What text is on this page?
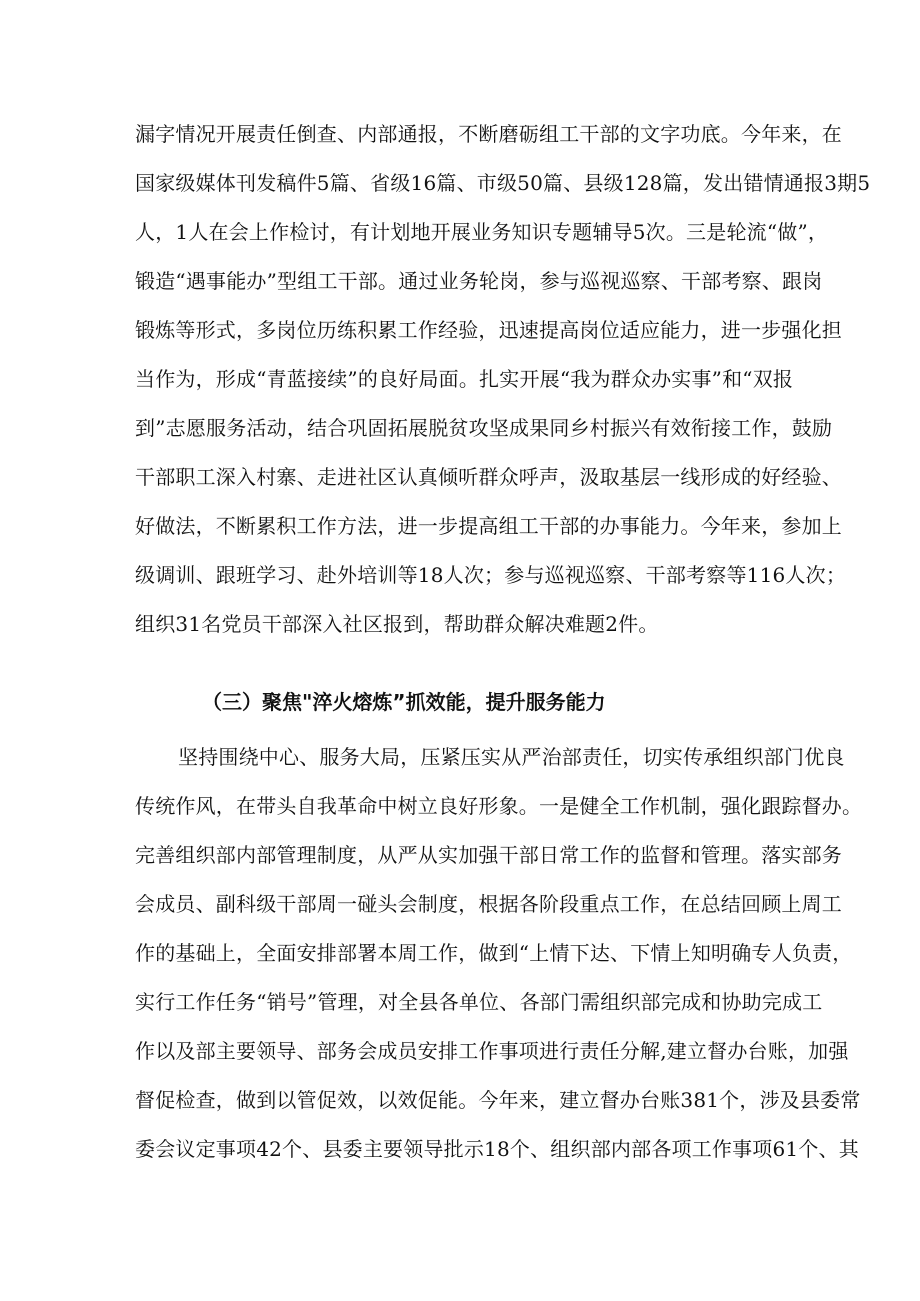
漏字情况开展责任倒查、内部通报，不断磨砺组工干部的文字功底。今年来，在
国家级媒体刊发稿件5篇、省级16篇、市级50篇、县级128篇，发出错情通报3期5
人，1人在会上作检讨，有计划地开展业务知识专题辅导5次。三是轮流“做”，
锻造“遇事能办”型组工干部。通过业务轮岗，参与巡视巡察、干部考察、跟岗
锻炼等形式，多岗位历练积累工作经验，迅速提高岗位适应能力，进一步强化担
当作为，形成“青蓝接续”的良好局面。扎实开展“我为群众办实事”和“双报
到”志愿服务活动，结合巩固拓展脱贫攻坚成果同乡村振兴有效衔接工作，鼓励
干部职工深入村寨、走进社区认真倾听群众呼声，汲取基层一线形成的好经验、
好做法，不断累积工作方法，进一步提高组工干部的办事能力。今年来，参加上
级调训、跟班学习、赴外培训等18人次；参与巡视巡察、干部考察等116人次；
组织31名党员干部深入社区报到，帮助群众解决难题2件。
（三）聚焦"淬火熔炼”抓效能，提升服务能力
坚持围绕中心、服务大局，压紧压实从严治部责任，切实传承组织部门优良
传统作风，在带头自我革命中树立良好形象。一是健全工作机制，强化跟踪督办。
完善组织部内部管理制度，从严从实加强干部日常工作的监督和管理。落实部务
会成员、副科级干部周一碰头会制度，根据各阶段重点工作，在总结回顾上周工
作的基础上，全面安排部署本周工作，做到“上情下达、下情上知明确专人负责，
实行工作任务“销号”管理，对全县各单位、各部门需组织部完成和协助完成工
作以及部主要领导、部务会成员安排工作事项进行责任分解,建立督办台账，加强
督促检查，做到以管促效，以效促能。今年来，建立督办台账381个，涉及县委常
委会议定事项42个、县委主要领导批示18个、组织部内部各项工作事项61个、其
